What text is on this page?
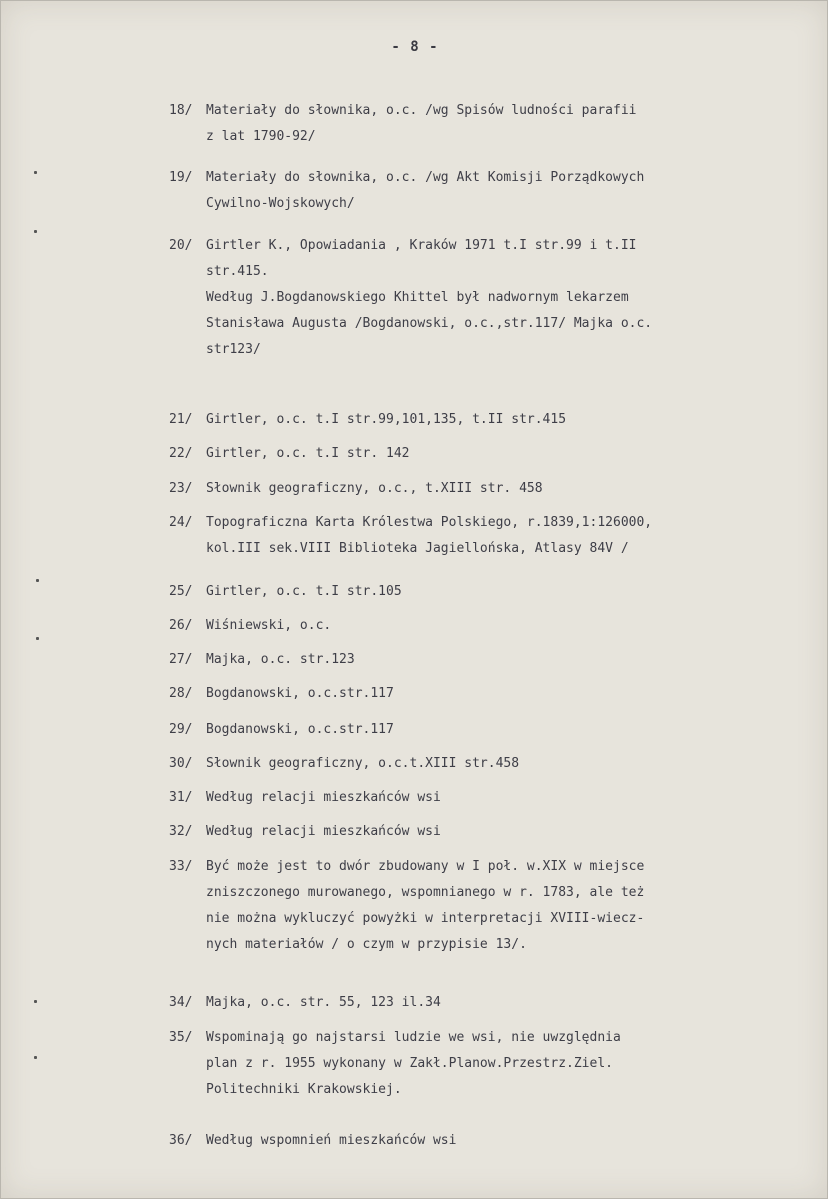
- 8 -
18/ Materiały do słownika, o.c. /wg Spisów ludności parafii
z lat 1790-92/
19/ Materiały do słownika, o.c. /wg Akt Komisji Porządkowych
Cywilno-Wojskowych/
20/ Girtler K., Opowiadania , Kraków 1971 t.I str.99 i t.II
str.415.
Według J.Bogdanowskiego Khittel był nadwornym lekarzem
Stanisława Augusta /Bogdanowski, o.c.,str.117/ Majka o.c.
str123/
21/ Girtler, o.c. t.I str.99,101,135, t.II str.415
22/ Girtler, o.c. t.I str. 142
23/ Słownik geograficzny, o.c., t.XIII str. 458
24/ Topograficzna Karta Królestwa Polskiego, r.1839,1:126000,
kol.III sek.VIII Biblioteka Jagiellońska, Atlasy 84V /
25/ Girtler, o.c. t.I str.105
26/ Wiśniewski, o.c.
27/ Majka, o.c. str.123
28/ Bogdanowski, o.c.str.117
29/ Bogdanowski, o.c.str.117
30/ Słownik geograficzny, o.c.t.XIII str.458
31/ Według relacji mieszkańców wsi
32/ Według relacji mieszkańców wsi
33/ Być może jest to dwór zbudowany w I poł. w.XIX w miejsce
zniszczonego murowanego, wspomnianego w r. 1783, ale też
nie można wykluczyć powyżki w interpretacji XVIII-wiecz-
nych materiałów / o czym w przypisie 13/.
34/ Majka, o.c. str. 55, 123 il.34
35/ Wspominają go najstarsi ludzie we wsi, nie uwzględnia
plan z r. 1955 wykonany w Zakł.Planow.Przestrz.Ziel.
Politechniki Krakowskiej.
36/ Według wspomnień mieszkańców wsi
